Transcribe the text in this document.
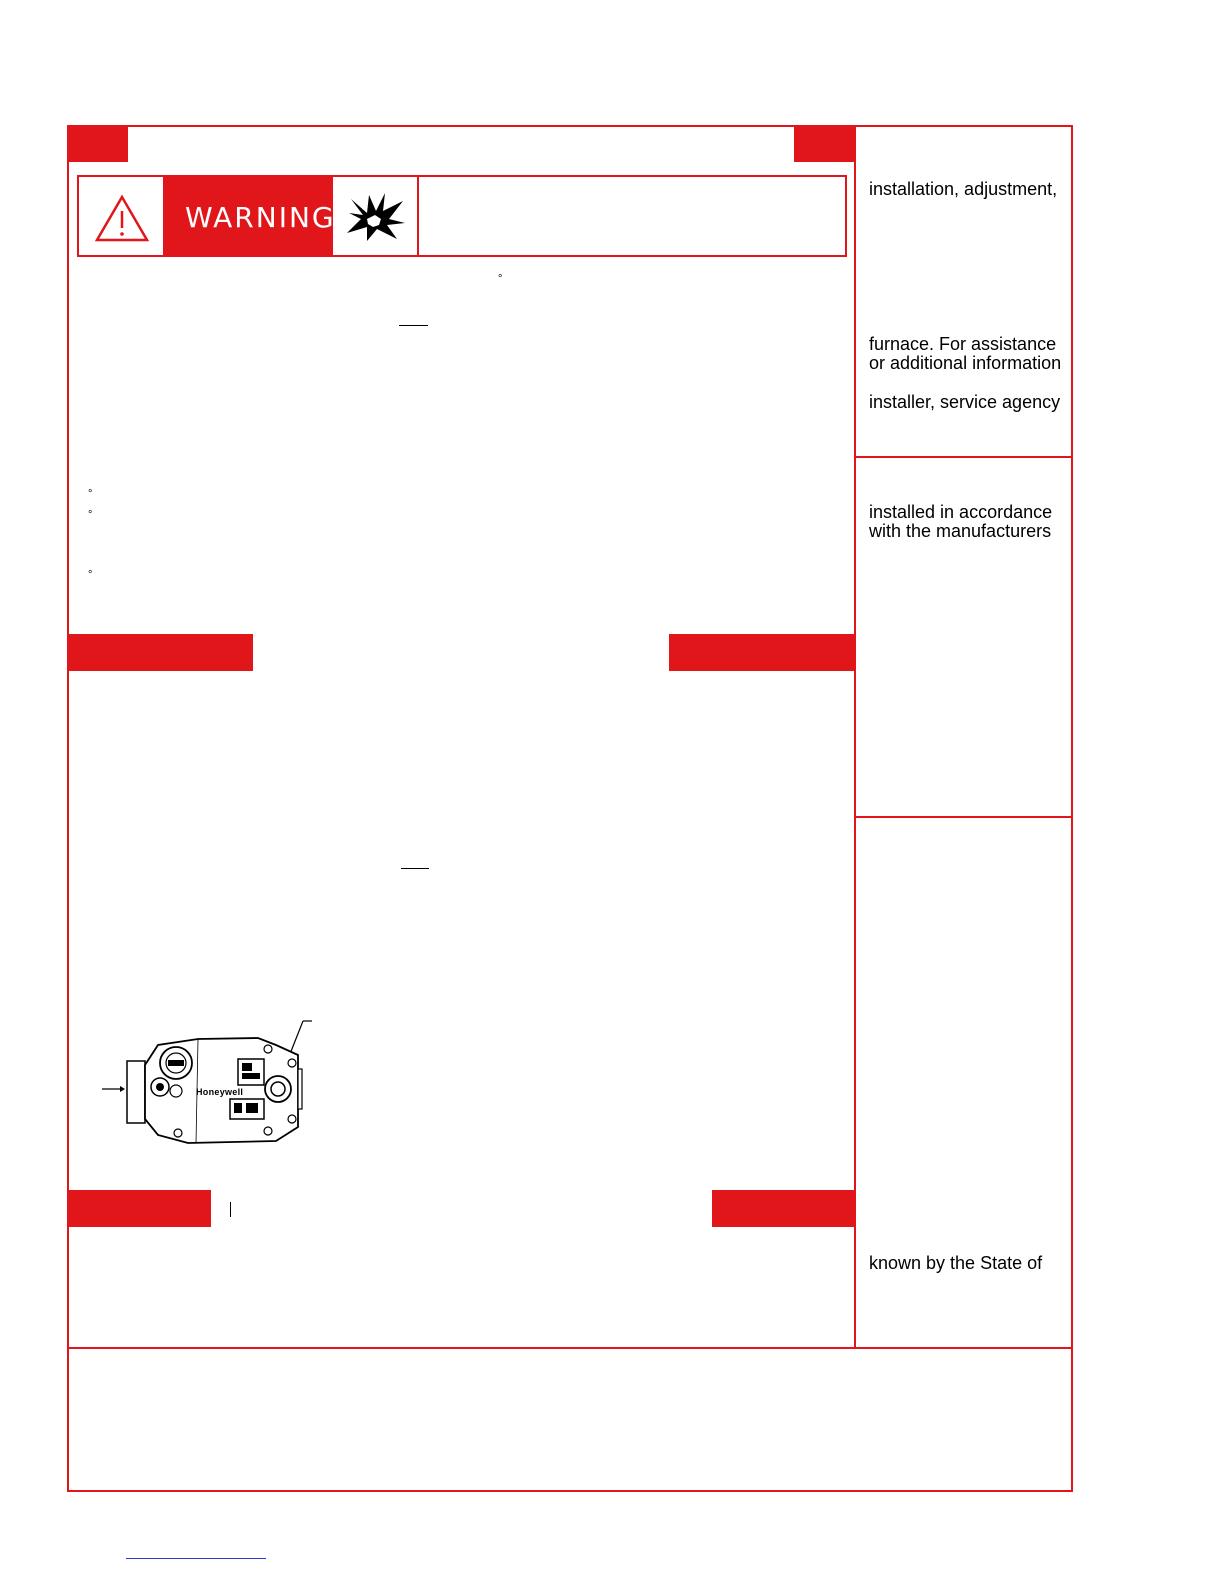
WARNING
°
°
°
°
Honeywell
installation, adjustment,
furnace. For assistance
or additional information
installer, service agency
installed in accordance
with the manufacturers
known by the State of
